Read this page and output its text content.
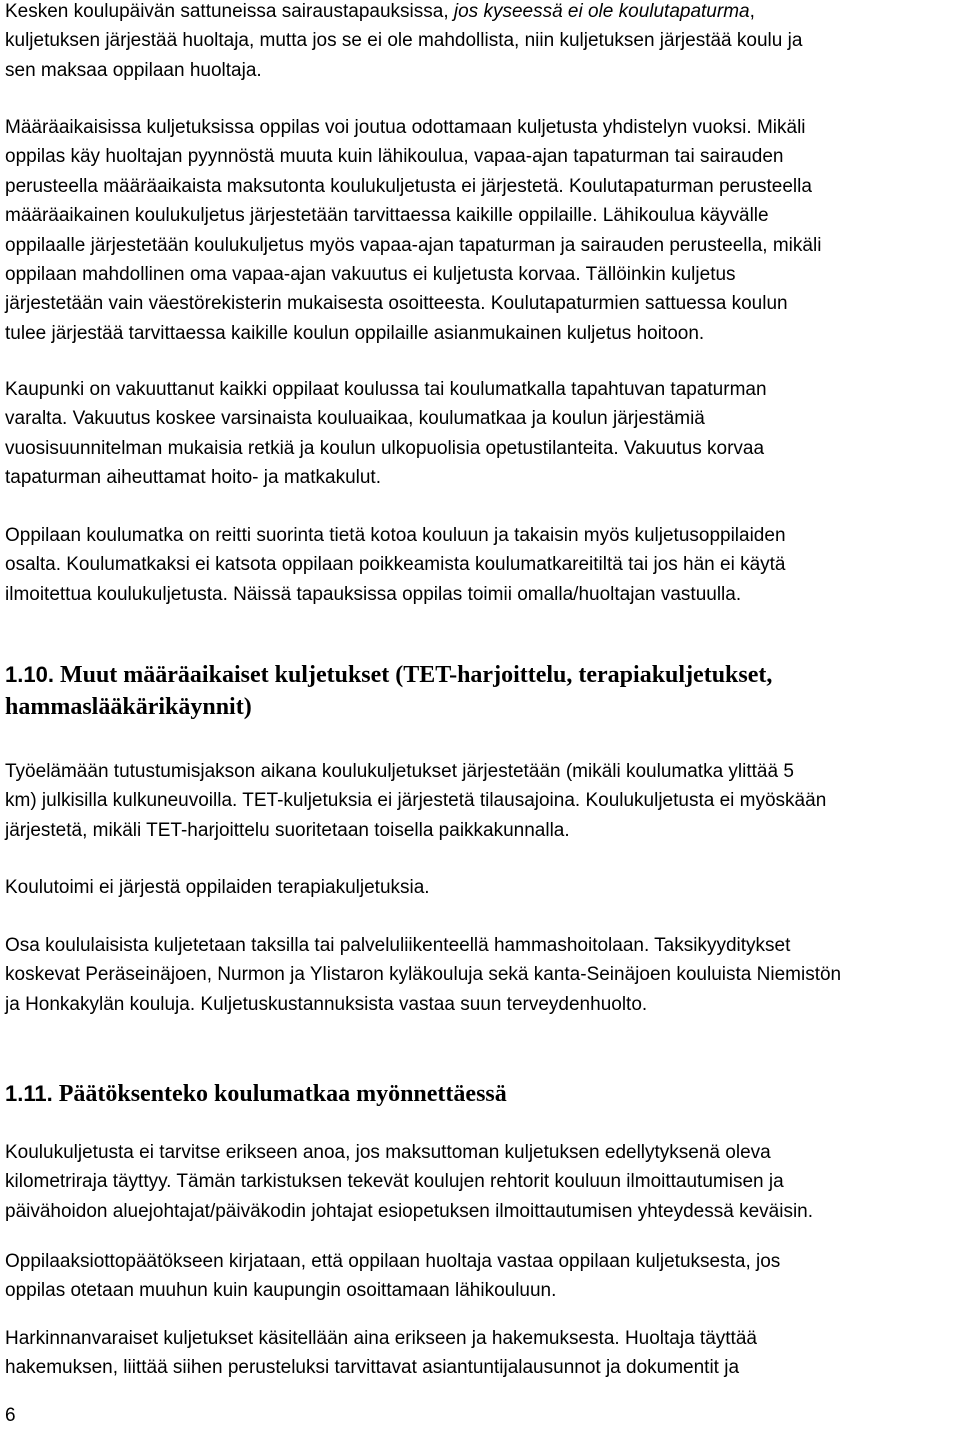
Kesken koulupäivän sattuneissa sairaustapauksissa, jos kyseessä ei ole koulutapaturma,
kuljetuksen järjestää huoltaja, mutta jos se ei ole mahdollista, niin kuljetuksen järjestää koulu ja
sen maksaa oppilaan huoltaja.
Määräaikaisissa kuljetuksissa oppilas voi joutua odottamaan kuljetusta yhdistelyn vuoksi. Mikäli
oppilas käy huoltajan pyynnöstä muuta kuin lähikoulua, vapaa-ajan tapaturman tai sairauden
perusteella määräaikaista maksutonta koulukuljetusta ei järjestetä. Koulutapaturman perusteella
määräaikainen koulukuljetus järjestetään tarvittaessa kaikille oppilaille. Lähikoulua käyvälle
oppilaalle järjestetään koulukuljetus myös vapaa-ajan tapaturman ja sairauden perusteella, mikäli
oppilaan mahdollinen oma vapaa-ajan vakuutus ei kuljetusta korvaa. Tällöinkin kuljetus
järjestetään vain väestörekisterin mukaisesta osoitteesta. Koulutapaturmien sattuessa koulun
tulee järjestää tarvittaessa kaikille koulun oppilaille asianmukainen kuljetus hoitoon.
Kaupunki on vakuuttanut kaikki oppilaat koulussa tai koulumatkalla tapahtuvan tapaturman
varalta. Vakuutus koskee varsinaista kouluaikaa, koulumatkaa ja koulun järjestämiä
vuosisuunnitelman mukaisia retkiä ja koulun ulkopuolisia opetustilanteita. Vakuutus korvaa
tapaturman aiheuttamat hoito- ja matkakulut.
Oppilaan koulumatka on reitti suorinta tietä kotoa kouluun ja takaisin myös kuljetusoppilaiden
osalta. Koulumatkaksi ei katsota oppilaan poikkeamista koulumatkareitiltä tai jos hän ei käytä
ilmoitettua koulukuljetusta. Näissä tapauksissa oppilas toimii omalla/huoltajan vastuulla.
1.10. Muut määräaikaiset kuljetukset (TET-harjoittelu, terapiakuljetukset,
hammaslääkärikäynnit)
Työelämään tutustumisjakson aikana koulukuljetukset järjestetään (mikäli koulumatka ylittää 5
km) julkisilla kulkuneuvoilla. TET-kuljetuksia ei järjestetä tilausajoina. Koulukuljetusta ei myöskään
järjestetä, mikäli TET-harjoittelu suoritetaan toisella paikkakunnalla.
Koulutoimi ei järjestä oppilaiden terapiakuljetuksia.
Osa koululaisista kuljetetaan taksilla tai palveluliikenteellä hammashoitolaan. Taksikyyditykset
koskevat Peräseinäjoen, Nurmon ja Ylistaron kyläkouluja sekä kanta-Seinäjoen kouluista Niemistön
ja Honkakylän kouluja. Kuljetuskustannuksista vastaa suun terveydenhuolto.
1.11. Päätöksenteko koulumatkaa myönnettäessä
Koulukuljetusta ei tarvitse erikseen anoa, jos maksuttoman kuljetuksen edellytyksenä oleva
kilometriraja täyttyy. Tämän tarkistuksen tekevät koulujen rehtorit kouluun ilmoittautumisen ja
päivähoidon aluejohtajat/päiväkodin johtajat esiopetuksen ilmoittautumisen yhteydessä keväisin.
Oppilaaksiottopäätökseen kirjataan, että oppilaan huoltaja vastaa oppilaan kuljetuksesta, jos
oppilas otetaan muuhun kuin kaupungin osoittamaan lähikouluun.
Harkinnanvaraiset kuljetukset käsitellään aina erikseen ja hakemuksesta. Huoltaja täyttää
hakemuksen, liittää siihen perusteluksi tarvittavat asiantuntijalausunnot ja dokumentit ja
6
